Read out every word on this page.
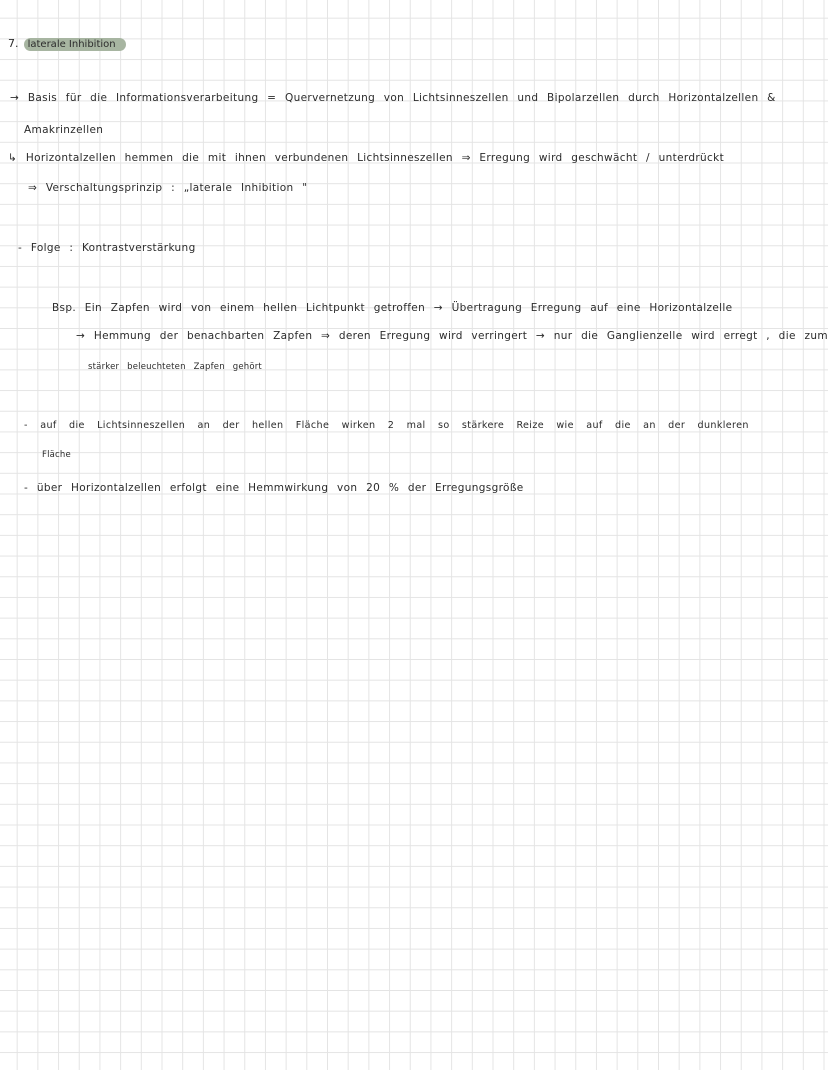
7. laterale Inhibition
→ Basis für die Informationsverarbeitung = Quervernetzung von Lichtsinneszellen und Bipolarzellen durch Horizontalzellen &
Amakrinzellen
↳ Horizontalzellen hemmen die mit ihnen verbundenen Lichtsinneszellen ⇒ Erregung wird geschwächt / unterdrückt
⇒ Verschaltungsprinzip : „laterale Inhibition "
- Folge : Kontrastverstärkung
Bsp. Ein Zapfen wird von einem hellen Lichtpunkt getroffen → Übertragung Erregung auf eine Horizontalzelle
→ Hemmung der benachbarten Zapfen ⇒ deren Erregung wird verringert → nur die Ganglienzelle wird erregt , die zum
stärker beleuchteten Zapfen gehört
- auf die Lichtsinneszellen an der hellen Fläche wirken 2 mal so stärkere Reize wie auf die an der dunkleren
Fläche
- über Horizontalzellen erfolgt eine Hemmwirkung von 20 % der Erregungsgröße
